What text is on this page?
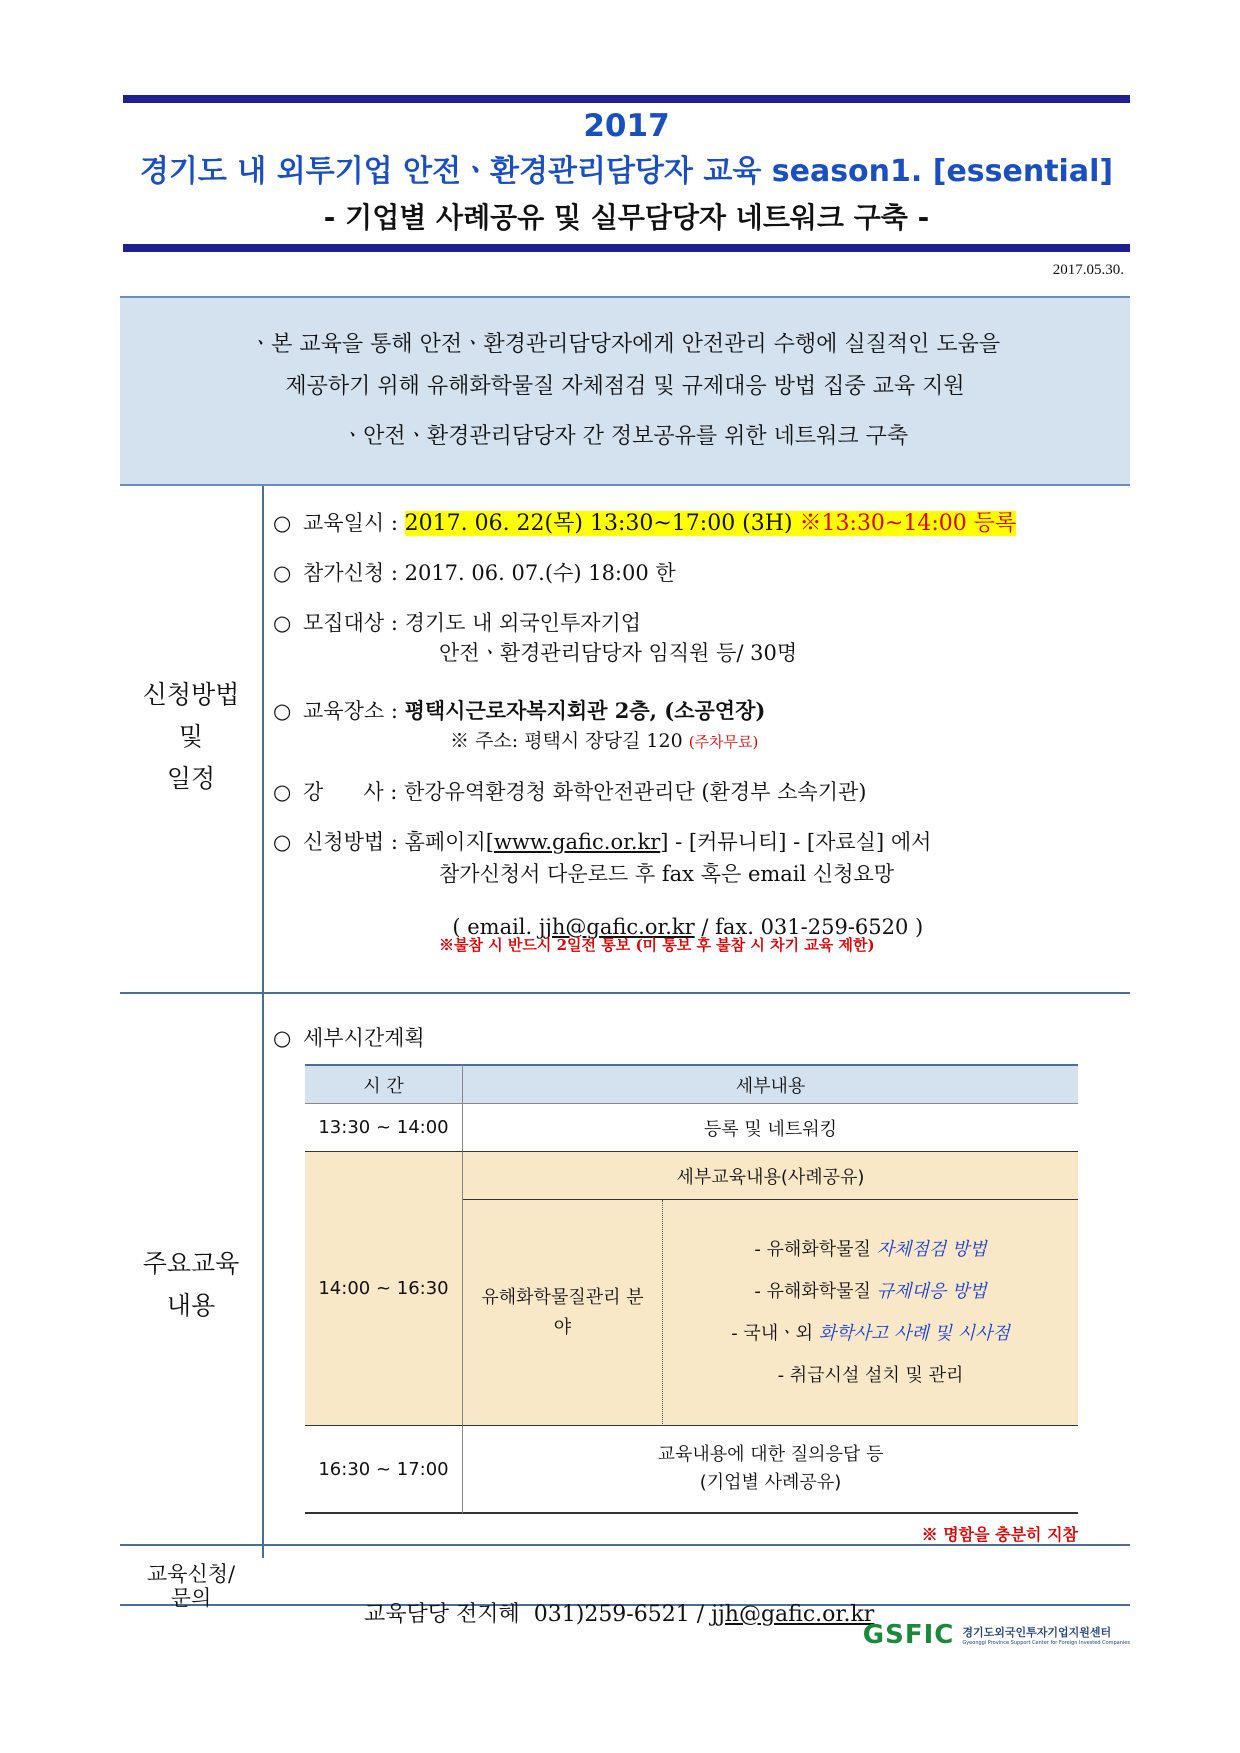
2017
경기도 내 외투기업 안전ㆍ환경관리담당자 교육 season1. [essential]
- 기업별 사례공유 및 실무담당자 네트워크 구축 -
2017.05.30.
ㆍ본 교육을 통해 안전ㆍ환경관리담당자에게 안전관리 수행에 실질적인 도움을
제공하기 위해 유해화학물질 자체점검 및 규제대응 방법 집중 교육 지원
ㆍ안전ㆍ환경관리담당자 간 정보공유를 위한 네트워크 구축
신청방법
및
일정
○ 교육일시 : 2017. 06. 22(목) 13:30~17:00 (3H) ※13:30~14:00 등록
○ 참가신청 : 2017. 06. 07.(수) 18:00 한
○ 모집대상 : 경기도 내 외국인투자기업
안전ㆍ환경관리담당자 임직원 등/ 30명
○ 교육장소 : 평택시근로자복지회관 2층, (소공연장)
※ 주소: 평택시 장당길 120 (주차무료)
○ 강      사 : 한강유역환경청 화학안전관리단 (환경부 소속기관)
○ 신청방법 : 홈페이지[www.gafic.or.kr] - [커뮤니티] - [자료실] 에서
참가신청서 다운로드 후 fax 혹은 email 신청요망

( email. jjh@gafic.or.kr / fax. 031-259-6520 )

※불참 시 반드시 2일전 통보 (미 통보 후 불참 시 차기 교육 제한)
주요교육
내용
○ 세부시간계획
시 간	세부내용
13:30 ~ 14:00	등록 및 네트워킹
14:00 ~ 16:30
세부교육내용(사례공유)
유해화학물질관리 분야
- 유해화학물질 자체점검 방법
- 유해화학물질 규제대응 방법
- 국내ㆍ외 화학사고 사례 및 시사점
- 취급시설 설치 및 관리
16:30 ~ 17:00
교육내용에 대한 질의응답 등
(기업별 사례공유)
※ 명함을 충분히 지참
교육신청/
문의

교육담당 전지혜  031)259-6521 / jjh@gafic.or.kr

GSFIC 경기도외국인투자기업지원센터
Gyeonggi Province Support Center for Foreign Invested Companies
